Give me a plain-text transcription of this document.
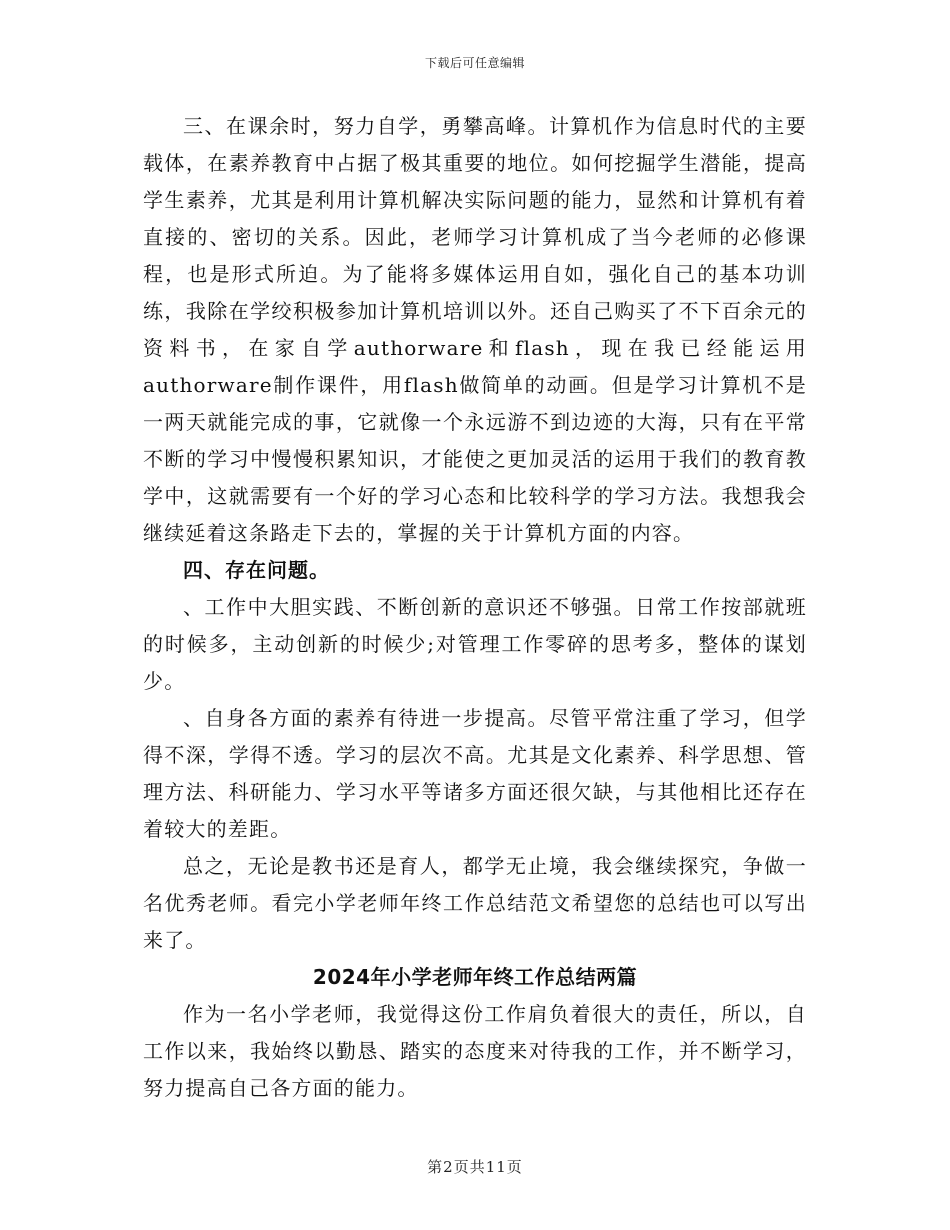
下载后可任意编辑

三、在课余时，努力自学，勇攀高峰。计算机作为信息时代的主要载体，在素养教育中占据了极其重要的地位。如何挖掘学生潜能，提高学生素养，尤其是利用计算机解决实际问题的能力，显然和计算机有着直接的、密切的关系。因此，老师学习计算机成了当今老师的必修课程，也是形式所迫。为了能将多媒体运用自如，强化自己的基本功训练，我除在学绞积极参加计算机培训以外。还自己购买了不下百余元的资料书，在家自学authorware和flash，现在我已经能运用authorware制作课件，用flash做简单的动画。但是学习计算机不是一两天就能完成的事，它就像一个永远游不到边迹的大海，只有在平常不断的学习中慢慢积累知识，才能使之更加灵活的运用于我们的教育教学中，这就需要有一个好的学习心态和比较科学的学习方法。我想我会继续延着这条路走下去的，掌握的关于计算机方面的内容。

四、存在问题。

、工作中大胆实践、不断创新的意识还不够强。日常工作按部就班的时候多，主动创新的时候少;对管理工作零碎的思考多，整体的谋划少。

、自身各方面的素养有待进一步提高。尽管平常注重了学习，但学得不深，学得不透。学习的层次不高。尤其是文化素养、科学思想、管理方法、科研能力、学习水平等诸多方面还很欠缺，与其他相比还存在着较大的差距。

总之，无论是教书还是育人，都学无止境，我会继续探究，争做一名优秀老师。看完小学老师年终工作总结范文希望您的总结也可以写出来了。

2024年小学老师年终工作总结两篇

作为一名小学老师，我觉得这份工作肩负着很大的责任，所以，自工作以来，我始终以勤恳、踏实的态度来对待我的工作，并不断学习，努力提高自己各方面的能力。

第2页共11页
